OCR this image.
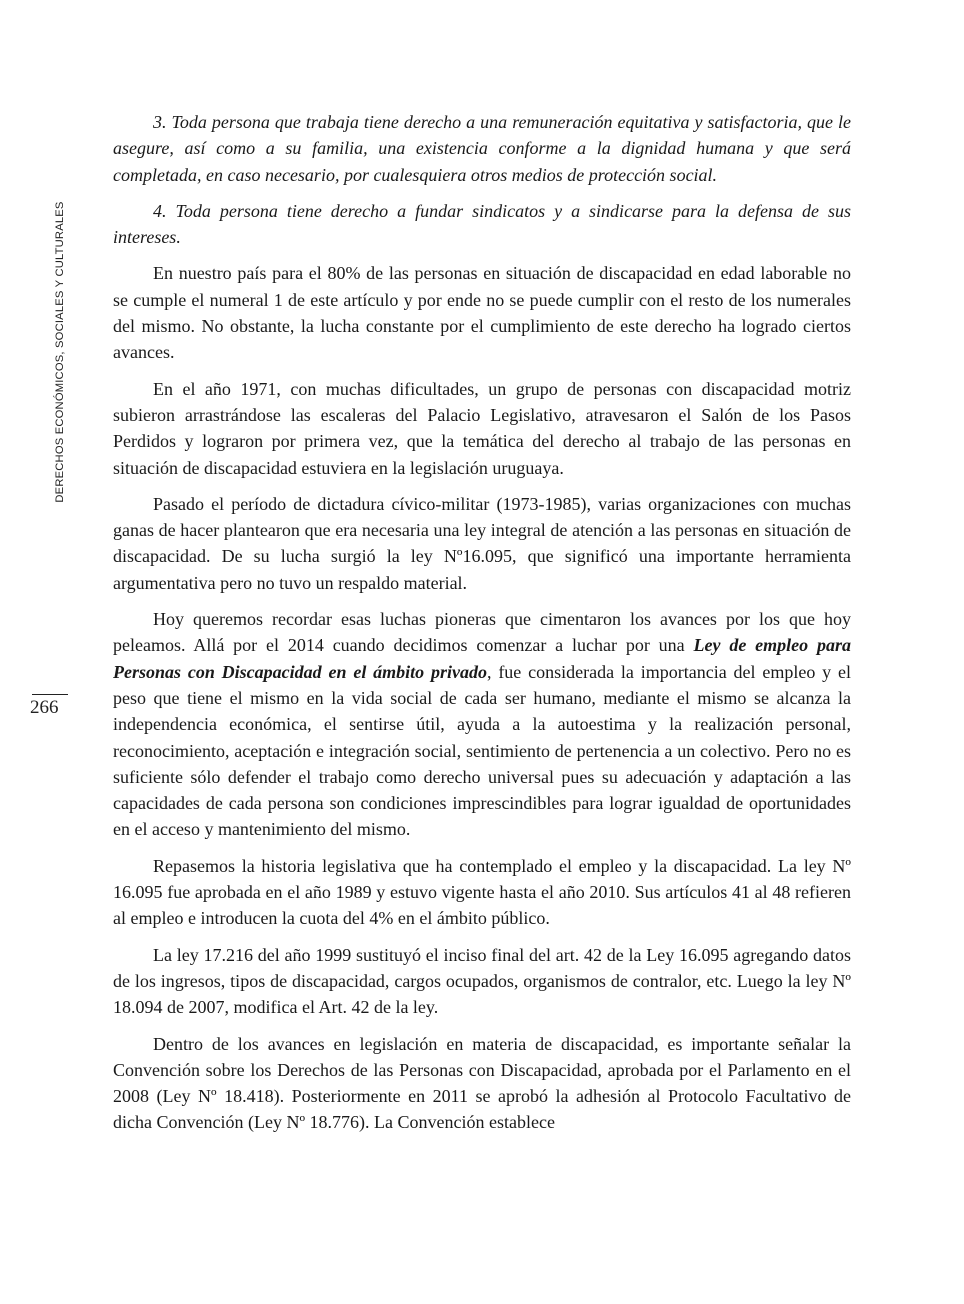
DERECHOS ECONÓMICOS, SOCIALES Y CULTURALES
266

3. Toda persona que trabaja tiene derecho a una remuneración equitativa y satisfactoria, que le asegure, así como a su familia, una existencia conforme a la dignidad humana y que será completada, en caso necesario, por cualesquiera otros medios de protección social.

4. Toda persona tiene derecho a fundar sindicatos y a sindicarse para la defensa de sus intereses.

En nuestro país para el 80% de las personas en situación de discapacidad en edad laborable no se cumple el numeral 1 de este artículo y por ende no se puede cumplir con el resto de los numerales del mismo. No obstante, la lucha constante por el cumplimiento de este derecho ha logrado ciertos avances.

En el año 1971, con muchas dificultades, un grupo de personas con discapacidad motriz subieron arrastrándose las escaleras del Palacio Legislativo, atravesaron el Salón de los Pasos Perdidos y lograron por primera vez, que la temática del derecho al trabajo de las personas en situación de discapacidad estuviera en la legislación uruguaya.

Pasado el período de dictadura cívico-militar (1973-1985), varias organizaciones con muchas ganas de hacer plantearon que era necesaria una ley integral de atención a las personas en situación de discapacidad. De su lucha surgió la ley Nº16.095, que significó una importante herramienta argumentativa pero no tuvo un respaldo material.

Hoy queremos recordar esas luchas pioneras que cimentaron los avances por los que hoy peleamos. Allá por el 2014 cuando decidimos comenzar a luchar por una Ley de empleo para Personas con Discapacidad en el ámbito privado, fue considerada la importancia del empleo y el peso que tiene el mismo en la vida social de cada ser humano, mediante el mismo se alcanza la independencia económica, el sentirse útil, ayuda a la autoestima y la realización personal, reconocimiento, aceptación e integración social, sentimiento de pertenencia a un colectivo. Pero no es suficiente sólo defender el trabajo como derecho universal pues su adecuación y adaptación a las capacidades de cada persona son condiciones imprescindibles para lograr igualdad de oportunidades en el acceso y mantenimiento del mismo.

Repasemos la historia legislativa que ha contemplado el empleo y la discapacidad. La ley Nº 16.095 fue aprobada en el año 1989 y estuvo vigente hasta el año 2010. Sus artículos 41 al 48 refieren al empleo e introducen la cuota del 4% en el ámbito público.

La ley 17.216 del año 1999 sustituyó el inciso final del art. 42 de la Ley 16.095 agregando datos de los ingresos, tipos de discapacidad, cargos ocupados, organismos de contralor, etc. Luego la ley Nº 18.094 de 2007, modifica el Art. 42 de la ley.

Dentro de los avances en legislación en materia de discapacidad, es importante señalar la Convención sobre los Derechos de las Personas con Discapacidad, aprobada por el Parlamento en el 2008 (Ley Nº 18.418). Posteriormente en 2011 se aprobó la adhesión al Protocolo Facultativo de dicha Convención (Ley Nº 18.776). La Convención establece
